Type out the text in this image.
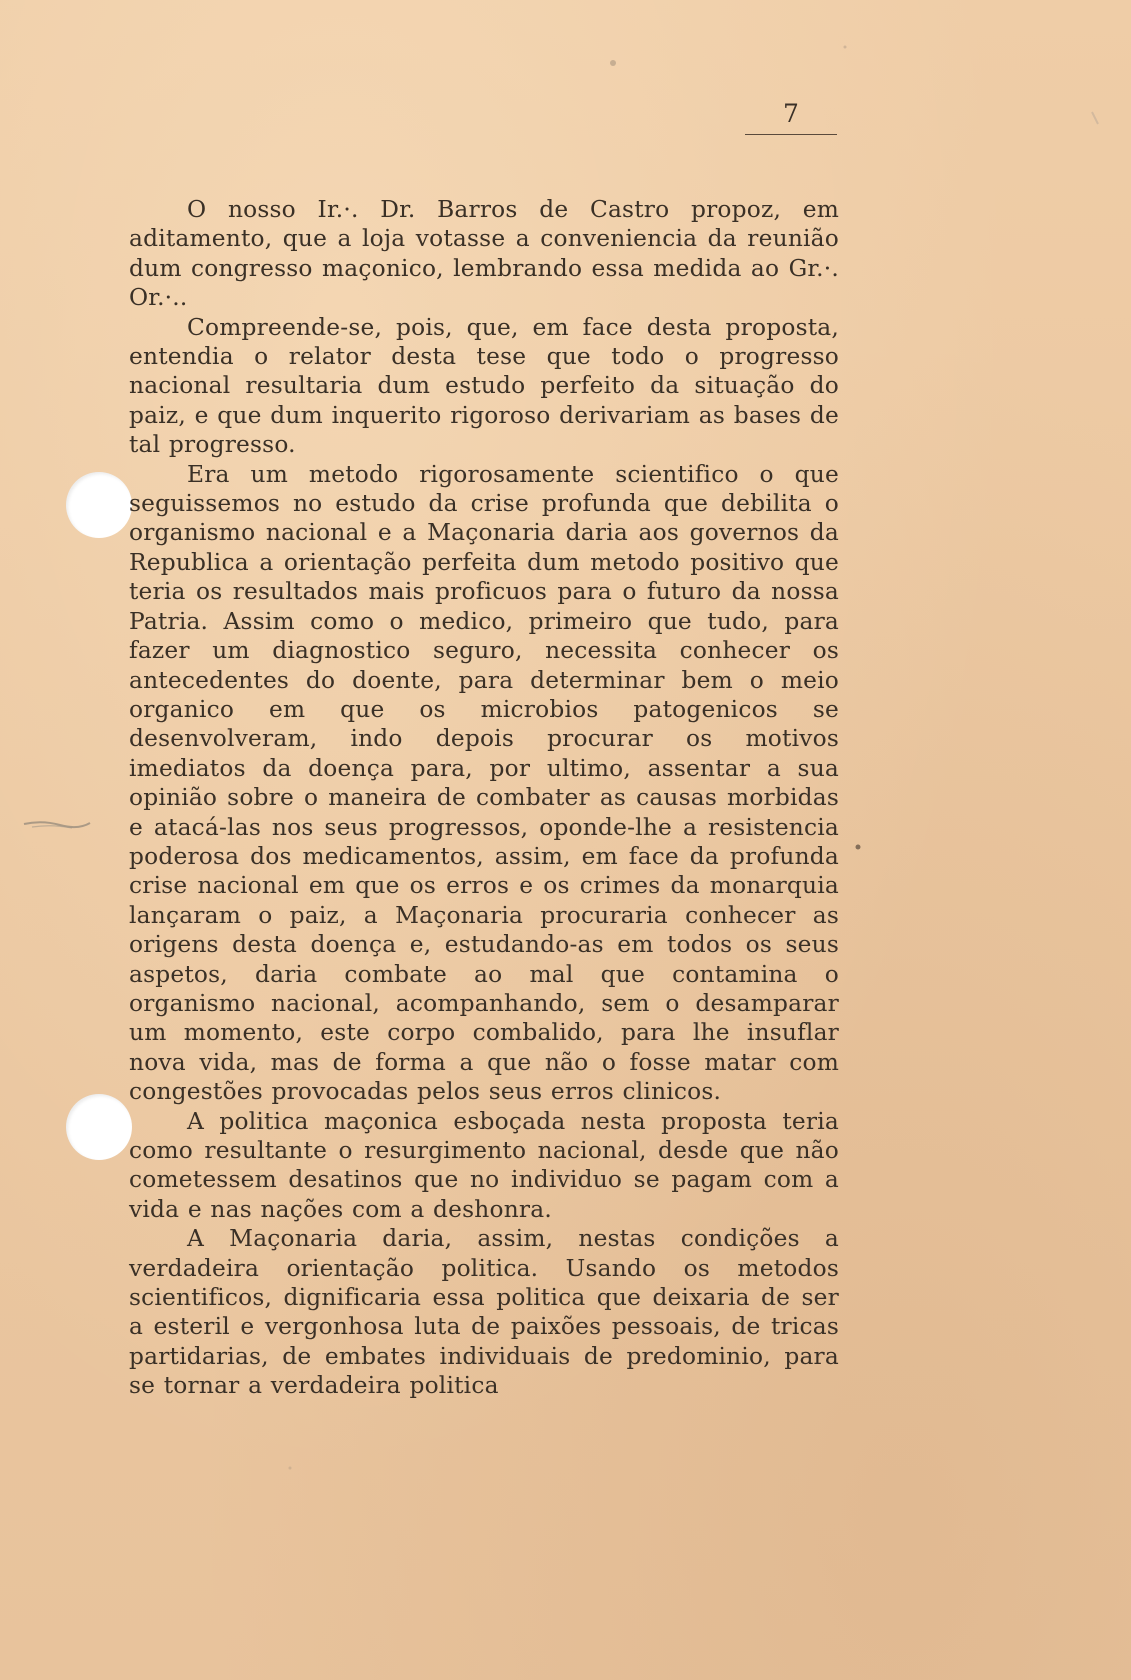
7

O nosso Ir.·. Dr. Barros de Castro propoz, em aditamento, que a loja votasse a conveniencia da reunião dum congresso maçonico, lembrando essa medida ao Gr.·. Or.·..

Compreende-se, pois, que, em face desta proposta, entendia o relator desta tese que todo o progresso nacional resultaria dum estudo perfeito da situação do paiz, e que dum inquerito rigoroso derivariam as bases de tal progresso.

Era um metodo rigorosamente scientifico o que seguissemos no estudo da crise profunda que debilita o organismo nacional e a Maçonaria daria aos governos da Republica a orientação perfeita dum metodo positivo que teria os resultados mais proficuos para o futuro da nossa Patria. Assim como o medico, primeiro que tudo, para fazer um diagnostico seguro, necessita conhecer os antecedentes do doente, para determinar bem o meio organico em que os microbios patogenicos se desenvolveram, indo depois procurar os motivos imediatos da doença para, por ultimo, assentar a sua opinião sobre o maneira de combater as causas morbidas e atacá-las nos seus progressos, oponde-lhe a resistencia poderosa dos medicamentos, assim, em face da profunda crise nacional em que os erros e os crimes da monarquia lançaram o paiz, a Maçonaria procuraria conhecer as origens desta doença e, estudando-as em todos os seus aspetos, daria combate ao mal que contamina o organismo nacional, acompanhando, sem o desamparar um momento, este corpo combalido, para lhe insuflar nova vida, mas de forma a que não o fosse matar com congestões provocadas pelos seus erros clinicos.

A politica maçonica esboçada nesta proposta teria como resultante o resurgimento nacional, desde que não cometessem desatinos que no individuo se pagam com a vida e nas nações com a deshonra.

A Maçonaria daria, assim, nestas condições a verdadeira orientação politica. Usando os metodos scientificos, dignificaria essa politica que deixaria de ser a esteril e vergonhosa luta de paixões pessoais, de tricas partidarias, de embates individuais de predominio, para se tornar a verdadeira politica
